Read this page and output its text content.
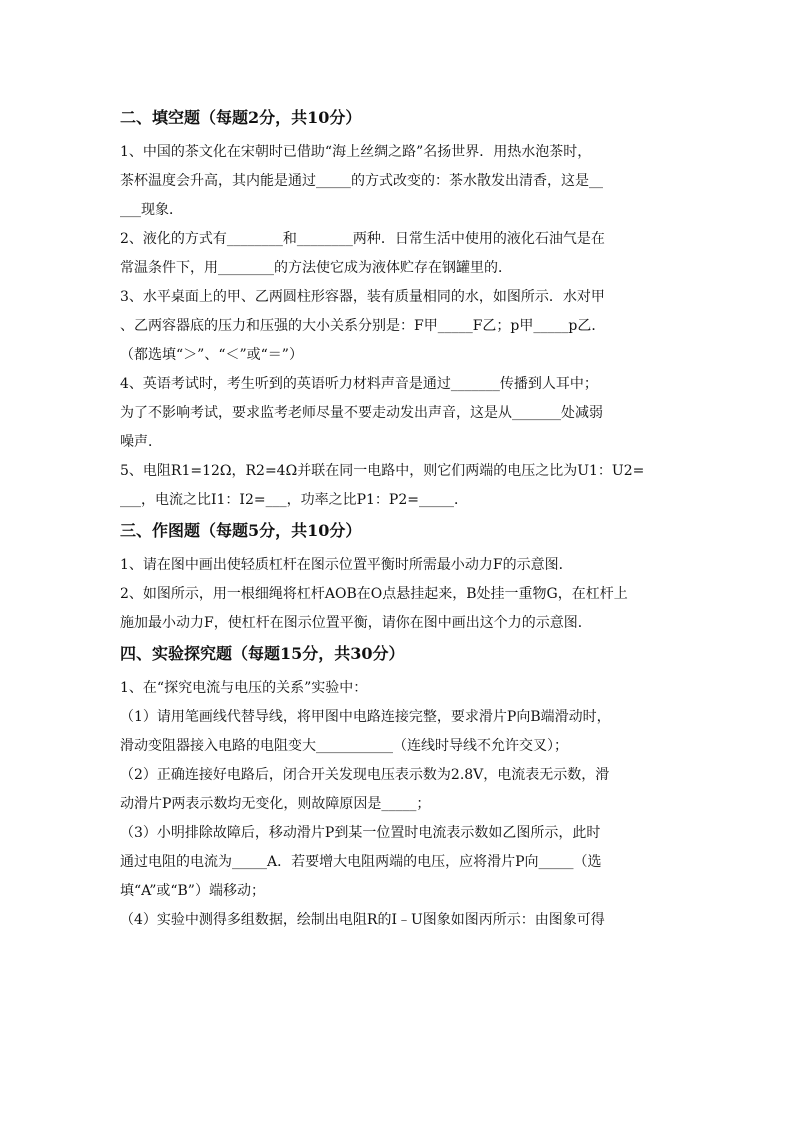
二、填空题（每题2分，共10分）

1、中国的茶文化在宋朝时已借助“海上丝绸之路”名扬世界．用热水泡茶时，

茶杯温度会升高，其内能是通过_____的方式改变的：茶水散发出清香，这是__

___现象．

2、液化的方式有________和________两种．日常生活中使用的液化石油气是在

常温条件下，用________的方法使它成为液体贮存在钢罐里的．

3、水平桌面上的甲、乙两圆柱形容器，装有质量相同的水，如图所示．水对甲

、乙两容器底的压力和压强的大小关系分别是：F甲_____F乙；p甲_____p乙．

（都选填“＞”、“＜”或“＝”）

4、英语考试时，考生听到的英语听力材料声音是通过_______传播到人耳中；

为了不影响考试，要求监考老师尽量不要走动发出声音，这是从_______处减弱

噪声．

5、电阻R1=12Ω，R2=4Ω并联在同一电路中，则它们两端的电压之比为U1：U2=

___，电流之比I1：I2=___，功率之比P1：P2=_____．

三、作图题（每题5分，共10分）

1、请在图中画出使轻质杠杆在图示位置平衡时所需最小动力F的示意图．

2、如图所示，用一根细绳将杠杆AOB在O点悬挂起来，B处挂一重物G，在杠杆上

施加最小动力F，使杠杆在图示位置平衡，请你在图中画出这个力的示意图．

四、实验探究题（每题15分，共30分）

1、在“探究电流与电压的关系”实验中：

（1）请用笔画线代替导线，将甲图中电路连接完整，要求滑片P向B端滑动时，

滑动变阻器接入电路的电阻变大___________（连线时导线不允许交叉）；

（2）正确连接好电路后，闭合开关发现电压表示数为2.8V，电流表无示数，滑

动滑片P两表示数均无变化，则故障原因是_____；

（3）小明排除故障后，移动滑片P到某一位置时电流表示数如乙图所示，此时

通过电阻的电流为_____A．若要增大电阻两端的电压，应将滑片P向_____（选

填“A”或“B”）端移动；

（4）实验中测得多组数据，绘制出电阻R的I﹣U图象如图丙所示：由图象可得
